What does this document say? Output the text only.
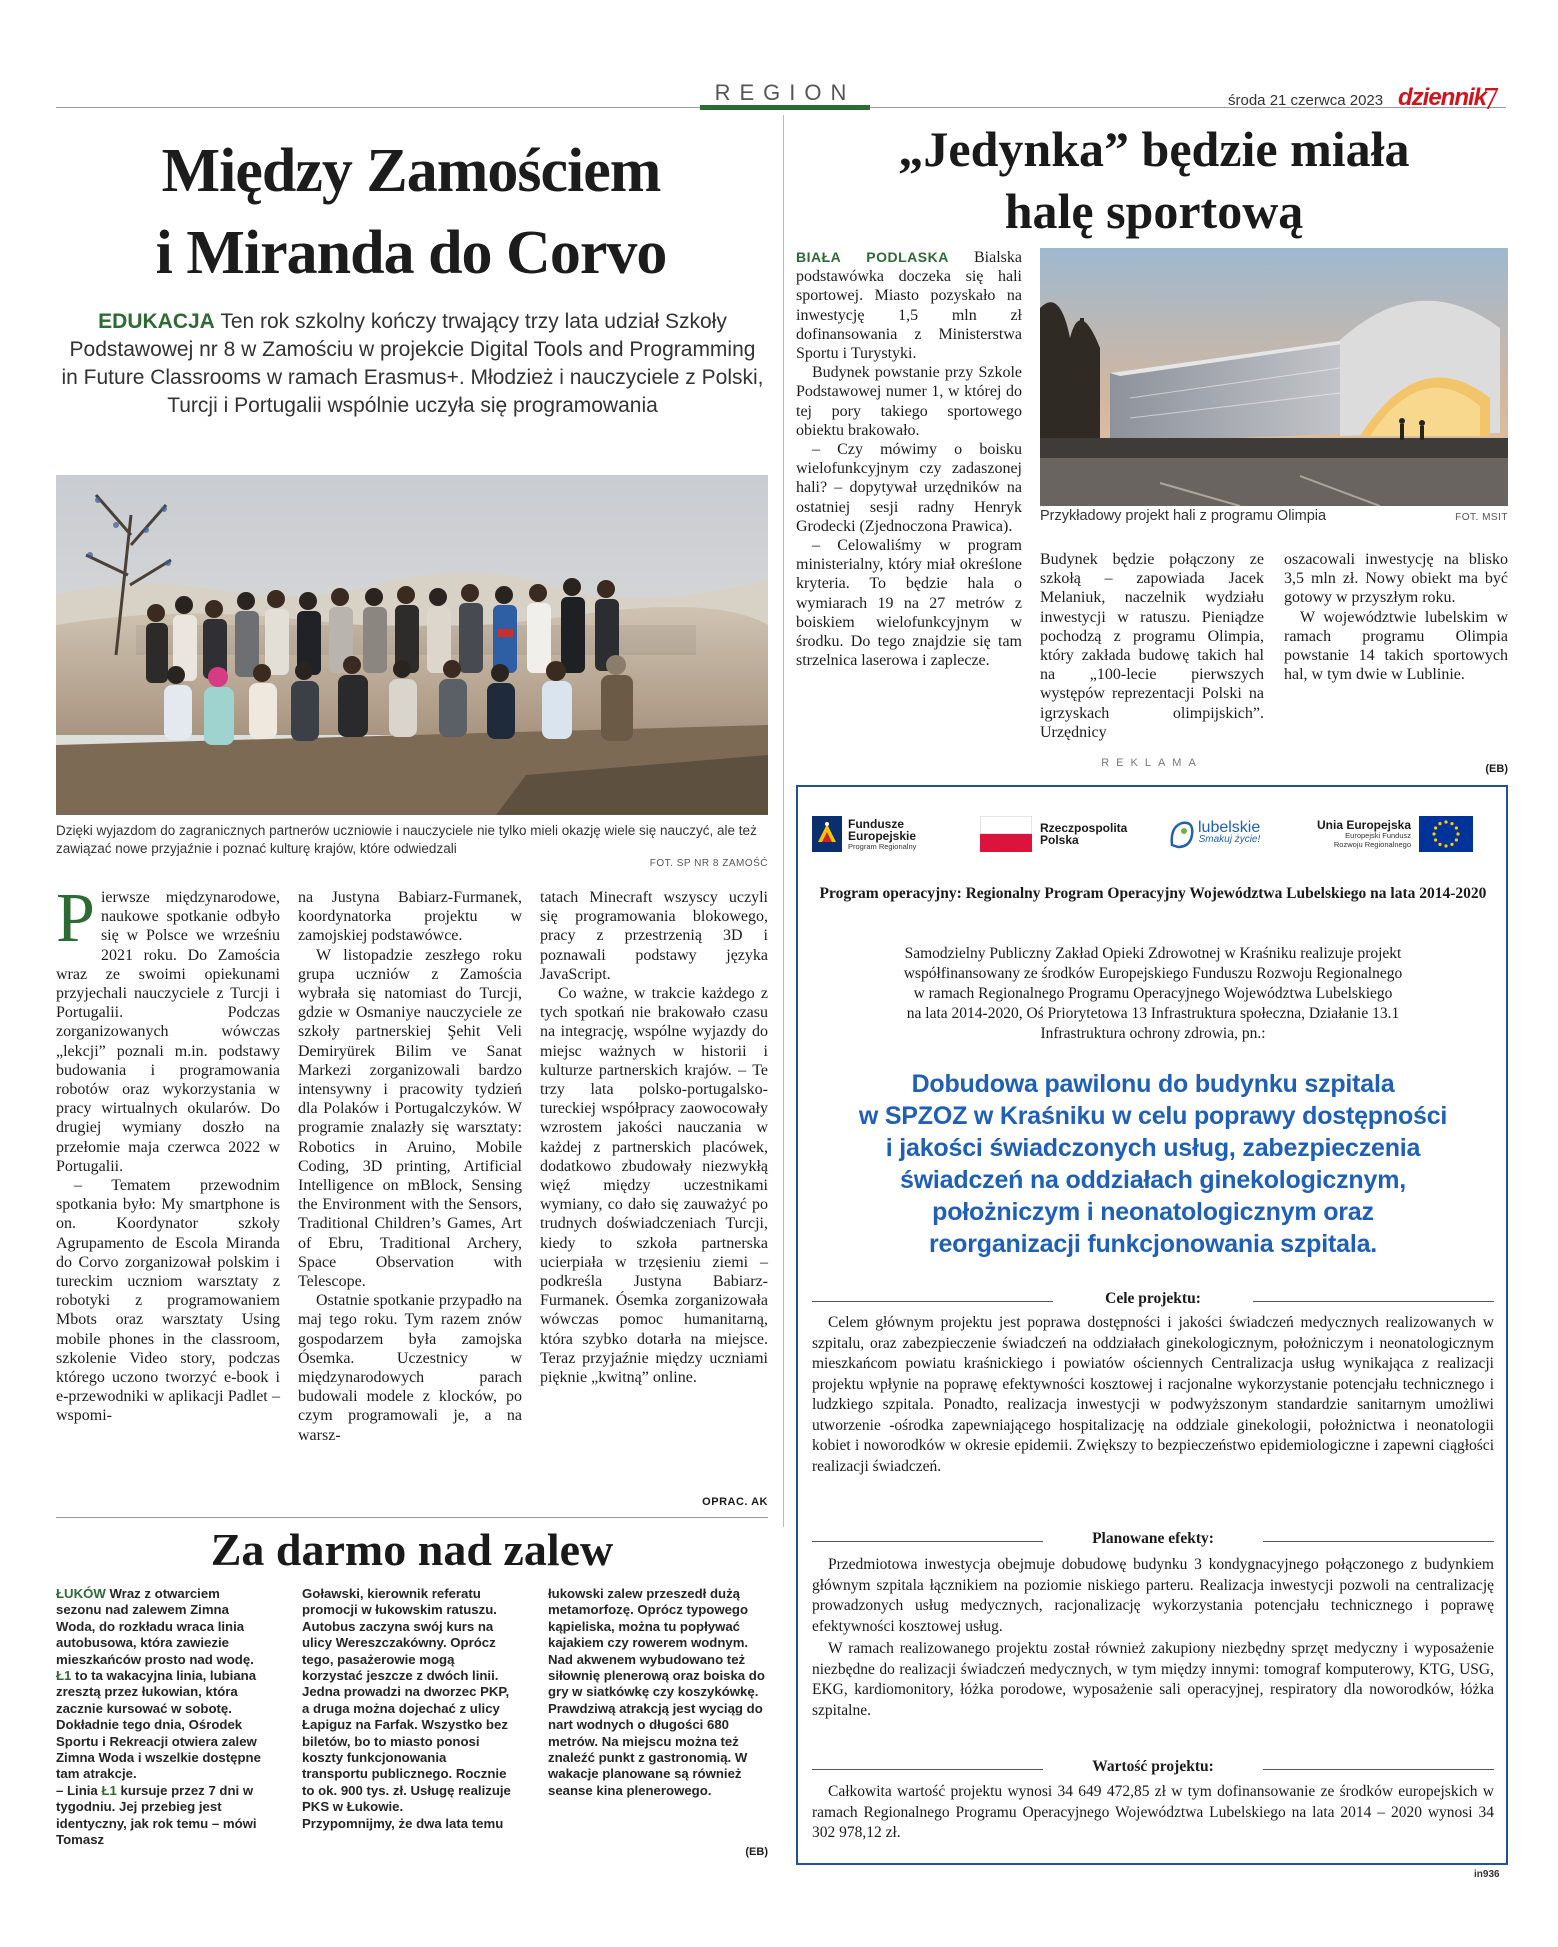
REGION	środa 21 czerwca 2023 dziennik
7
Między Zamościem
i Miranda do Corvo
EDUKACJA Ten rok szkolny kończy trwający trzy lata udział Szkoły Podstawowej nr 8 w Zamościu w projekcie Digital Tools and Programming in Future Classrooms w ramach Erasmus+. Młodzież i nauczyciele z Polski, Turcji i Portugalii wspólnie uczyła się programowania
Dzięki wyjazdom do zagranicznych partnerów uczniowie i nauczyciele nie tylko mieli okazję wiele się nauczyć, ale też zawiązać nowe przyjaźnie i poznać kulturę krajów, które odwiedzali
FOT. SP NR 8 ZAMOŚĆ

Pierwsze międzynarodowe, naukowe spotkanie odbyło się w Polsce we wrześniu 2021 roku. Do Zamościa wraz ze swoimi opiekunami przyjechali nauczyciele z Turcji i Portugalii. Podczas zorganizowanych wówczas „lekcji” poznali m.in. podstawy budowania i programowania robotów oraz wykorzystania w pracy wirtualnych okularów. Do drugiej wymiany doszło na przełomie maja czerwca 2022 w Portugalii.

– Tematem przewodnim spotkania było: My smartphone is on. Koordynator szkoły Agrupamento de Escola Miranda do Corvo zorganizował polskim i tureckim uczniom warsztaty z robotyki z programowaniem Mbots oraz warsztaty Using mobile phones in the classroom, szkolenie Video story, podczas którego uczono tworzyć e-book i e-przewodniki w aplikacji Padlet – wspomi-

na Justyna Babiarz-Furmanek, koordynatorka projektu w zamojskiej podstawówce.

W listopadzie zeszłego roku grupa uczniów z Zamościa wybrała się natomiast do Turcji, gdzie w Osmaniye nauczyciele ze szkoły partnerskiej Şehit Veli Demiryürek Bilim ve Sanat Markezi zorganizowali bardzo intensywny i pracowity tydzień dla Polaków i Portugalczyków. W programie znalazły się warsztaty: Robotics in Aruino, Mobile Coding, 3D printing, Artificial Intelligence on mBlock, Sensing the Environment with the Sensors, Traditional Children’s Games, Art of Ebru, Traditional Archery, Space Observation with Telescope.

Ostatnie spotkanie przypadło na maj tego roku. Tym razem znów gospodarzem była zamojska Ósemka. Uczestnicy w międzynarodowych parach budowali modele z klocków, po czym programowali je, a na warsz-

tatach Minecraft wszyscy uczyli się programowania blokowego, pracy z przestrzenią 3D i poznawali podstawy języka JavaScript.

Co ważne, w trakcie każdego z tych spotkań nie brakowało czasu na integrację, wspólne wyjazdy do miejsc ważnych w historii i kulturze partnerskich krajów. – Te trzy lata polsko-portugalsko-tureckiej współpracy zaowocowały wzrostem jakości nauczania w każdej z partnerskich placówek, dodatkowo zbudowały niezwykłą więź między uczestnikami wymiany, co dało się zauważyć po trudnych doświadczeniach Turcji, kiedy to szkoła partnerska ucierpiała w trzęsieniu ziemi – podkreśla Justyna Babiarz-Furmanek. Ósemka zorganizowała wówczas pomoc humanitarną, która szybko dotarła na miejsce. Teraz przyjaźnie między uczniami pięknie „kwitną” online.

OPRAC. AK
Za darmo nad zalew
ŁUKÓW Wraz z otwarciem sezonu nad zalewem Zimna Woda, do rozkładu wraca linia autobusowa, która zawiezie mieszkańców prosto nad wodę.
Ł1 to ta wakacyjna linia, lubiana zresztą przez łukowian, która zacznie kursować w sobotę. Dokładnie tego dnia, Ośrodek Sportu i Rekreacji otwiera zalew Zimna Woda i wszelkie dostępne tam atrakcje.
– Linia Ł1 kursuje przez 7 dni w tygodniu. Jej przebieg jest identyczny, jak rok temu – mówi Tomasz
Goławski, kierownik referatu promocji w łukowskim ratuszu. Autobus zaczyna swój kurs na ulicy Wereszczakówny. Oprócz tego, pasażerowie mogą korzystać jeszcze z dwóch linii. Jedna prowadzi na dworzec PKP, a druga można dojechać z ulicy Łapiguz na Farfak. Wszystko bez biletów, bo to miasto ponosi koszty funkcjonowania transportu publicznego. Rocznie to ok. 900 tys. zł. Usługę realizuje PKS w Łukowie.
Przypomnijmy, że dwa lata temu
łukowski zalew przeszedł dużą metamorfozę. Oprócz typowego kąpieliska, można tu popływać kajakiem czy rowerem wodnym. Nad akwenem wybudowano też siłownię plenerową oraz boiska do gry w siatkówkę czy koszykówkę. Prawdziwą atrakcją jest wyciąg do nart wodnych o długości 680 metrów. Na miejscu można też znaleźć punkt z gastronomią. W wakacje planowane są również seanse kina plenerowego.
(EB)
„Jedynka” będzie miała
halę sportową

BIAŁA PODLASKA Bialska podstawówka doczeka się hali sportowej. Miasto pozyskało na inwestycję 1,5 mln zł dofinansowania z Ministerstwa Sportu i Turystyki.

Budynek powstanie przy Szkole Podstawowej numer 1, w której do tej pory takiego sportowego obiektu brakowało.

– Czy mówimy o boisku wielofunkcyjnym czy zadaszonej hali? – dopytywał urzędników na ostatniej sesji radny Henryk Grodecki (Zjednoczona Prawica).

– Celowaliśmy w program ministerialny, który miał określone kryteria. To będzie hala o wymiarach 19 na 27 metrów z boiskiem wielofunkcyjnym w środku. Do tego znajdzie się tam strzelnica laserowa i zaplecze.

Przykładowy projekt hali z programu Olimpia	FOT. MSIT

Budynek będzie połączony ze szkołą – zapowiada Jacek Melaniuk, naczelnik wydziału inwestycji w ratuszu. Pieniądze pochodzą z programu Olimpia, który zakłada budowę takich hal na „100-lecie pierwszych występów reprezentacji Polski na igrzyskach olimpijskich”. Urzędnicy

oszacowali inwestycję na blisko 3,5 mln zł. Nowy obiekt ma być gotowy w przyszłym roku.

W województwie lubelskim w ramach programu Olimpia powstanie 14 takich sportowych hal, w tym dwie w Lublinie.

(EB)
REKLAMA
Fundusze
Europejskie
Program Regionalny
Rzeczpospolita
Polska
lubelskie
Smakuj życie!
Unia Europejska
Europejski Fundusz
Rozwoju Regionalnego
Program operacyjny: Regionalny Program Operacyjny Województwa Lubelskiego na lata 2014-2020
Samodzielny Publiczny Zakład Opieki Zdrowotnej w Kraśniku realizuje projekt
współfinansowany ze środków Europejskiego Funduszu Rozwoju Regionalnego
w ramach Regionalnego Programu Operacyjnego Województwa Lubelskiego
na lata 2014-2020, Oś Priorytetowa 13 Infrastruktura społeczna, Działanie 13.1
Infrastruktura ochrony zdrowia, pn.:
Dobudowa pawilonu do budynku szpitala
w SPZOZ w Kraśniku w celu poprawy dostępności
i jakości świadczonych usług, zabezpieczenia
świadczeń na oddziałach ginekologicznym,
położniczym i neonatologicznym oraz
reorganizacji funkcjonowania szpitala.
Cele projektu:
Celem głównym projektu jest poprawa dostępności i jakości świadczeń medycznych realizowanych w szpitalu, oraz zabezpieczenie świadczeń na oddziałach ginekologicznym, położniczym i neonatologicznym mieszkańcom powiatu kraśnickiego i powiatów ościennych Centralizacja usług wynikająca z realizacji projektu wpłynie na poprawę efektywności kosztowej i racjonalne wykorzystanie potencjału technicznego i ludzkiego szpitala. Ponadto, realizacja inwestycji w podwyższonym standardzie sanitarnym umożliwi utworzenie -ośrodka zapewniającego hospitalizację na oddziale ginekologii, położnictwa i neonatologii kobiet i noworodków w okresie epidemii. Zwiększy to bezpieczeństwo epidemiologiczne i zapewni ciągłości realizacji świadczeń.
Planowane efekty:

Przedmiotowa inwestycja obejmuje dobudowę budynku 3 kondygnacyjnego połączonego z budynkiem głównym szpitala łącznikiem na poziomie niskiego parteru. Realizacja inwestycji pozwoli na centralizację prowadzonych usług medycznych, racjonalizację wykorzystania potencjału technicznego i poprawę efektywności kosztowej usług.

W ramach realizowanego projektu został również zakupiony niezbędny sprzęt medyczny i wyposażenie niezbędne do realizacji świadczeń medycznych, w tym między innymi: tomograf komputerowy, KTG, USG, EKG, kardiomonitory, łóżka porodowe, wyposażenie sali operacyjnej, respiratory dla noworodków, łóżka szpitalne.

Wartość projektu:
Całkowita wartość projektu wynosi 34 649 472,85 zł w tym dofinansowanie ze środków europejskich w ramach Regionalnego Programu Operacyjnego Województwa Lubelskiego na lata 2014 – 2020 wynosi 34 302 978,12 zł.
in936
